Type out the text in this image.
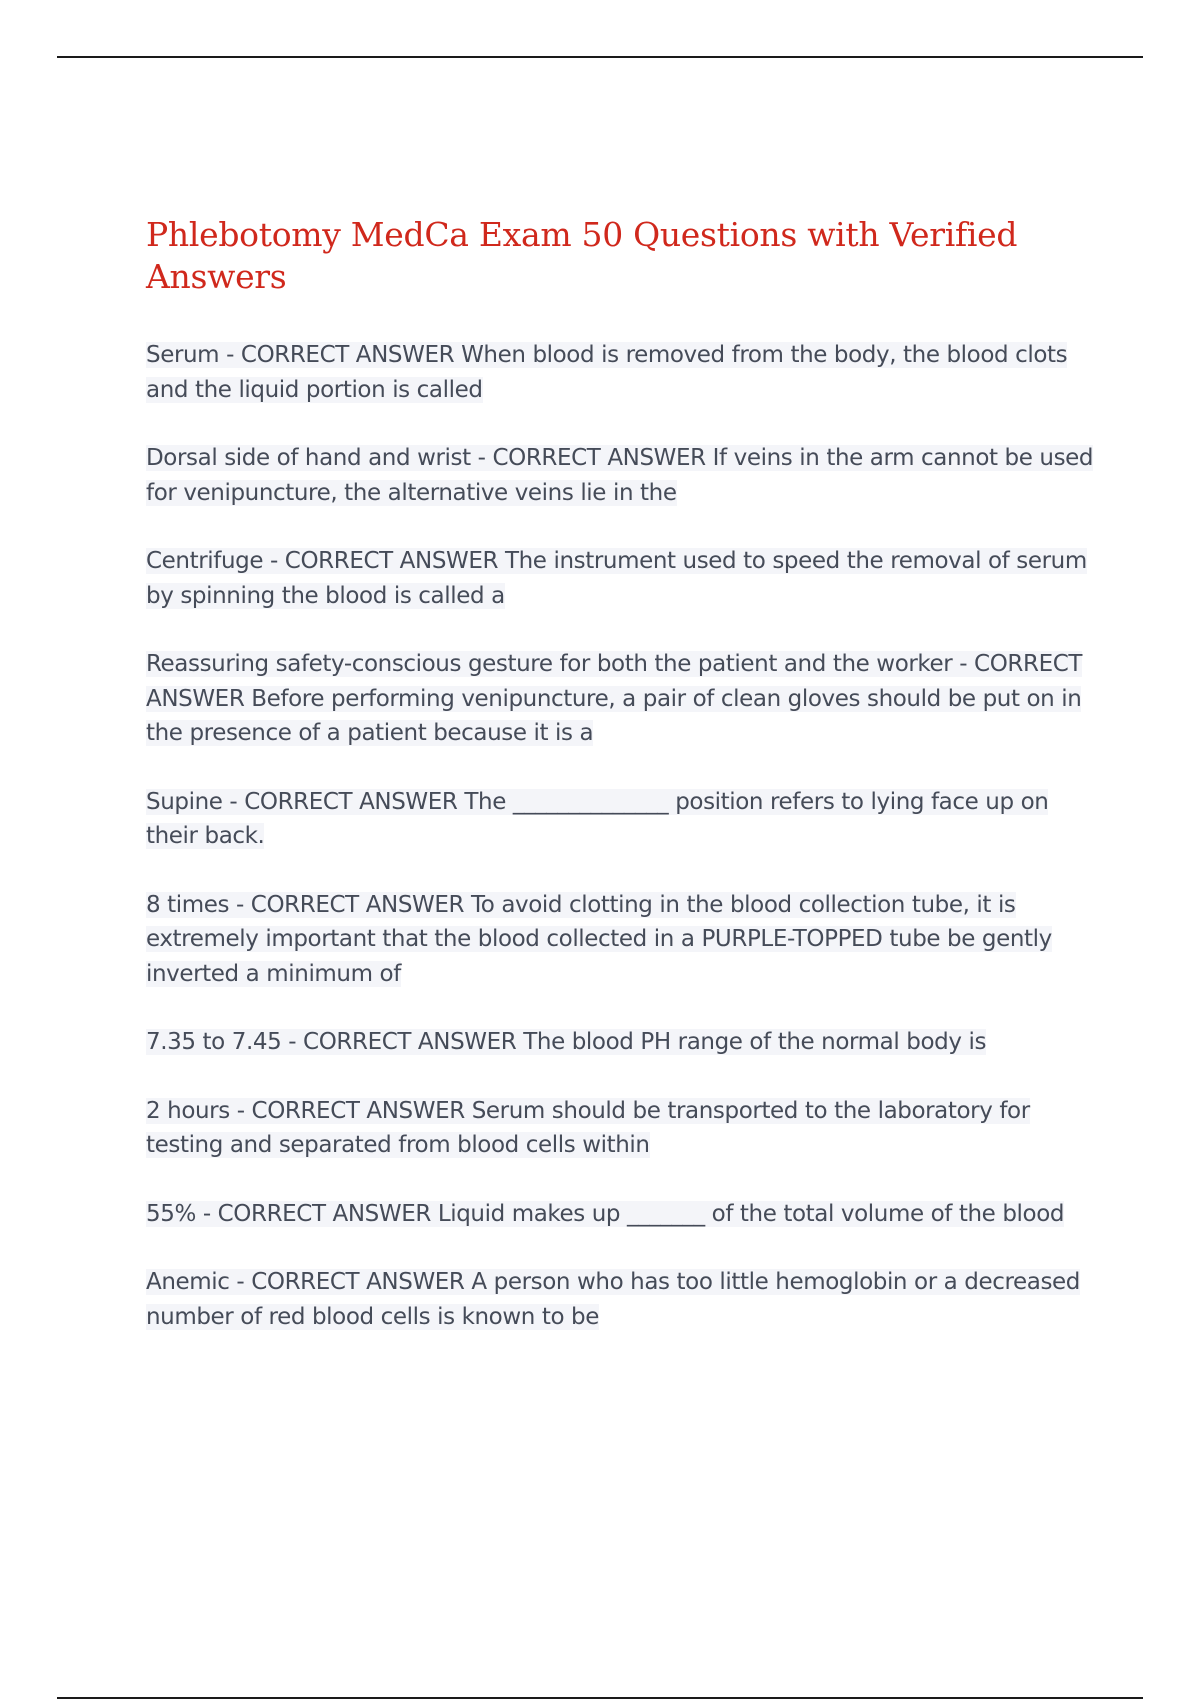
Phlebotomy MedCa Exam 50 Questions with Verified Answers

Serum - CORRECT ANSWER When blood is removed from the body, the blood clots and the liquid portion is called

Dorsal side of hand and wrist - CORRECT ANSWER If veins in the arm cannot be used for venipuncture, the alternative veins lie in the

Centrifuge - CORRECT ANSWER The instrument used to speed the removal of serum by spinning the blood is called a

Reassuring safety-conscious gesture for both the patient and the worker - CORRECT ANSWER Before performing venipuncture, a pair of clean gloves should be put on in the presence of a patient because it is a

Supine - CORRECT ANSWER The ______________ position refers to lying face up on their back.

8 times - CORRECT ANSWER To avoid clotting in the blood collection tube, it is extremely important that the blood collected in a PURPLE-TOPPED tube be gently inverted a minimum of

7.35 to 7.45 - CORRECT ANSWER The blood PH range of the normal body is

2 hours - CORRECT ANSWER Serum should be transported to the laboratory for testing and separated from blood cells within

55% - CORRECT ANSWER Liquid makes up _______ of the total volume of the blood

Anemic - CORRECT ANSWER A person who has too little hemoglobin or a decreased number of red blood cells is known to be
